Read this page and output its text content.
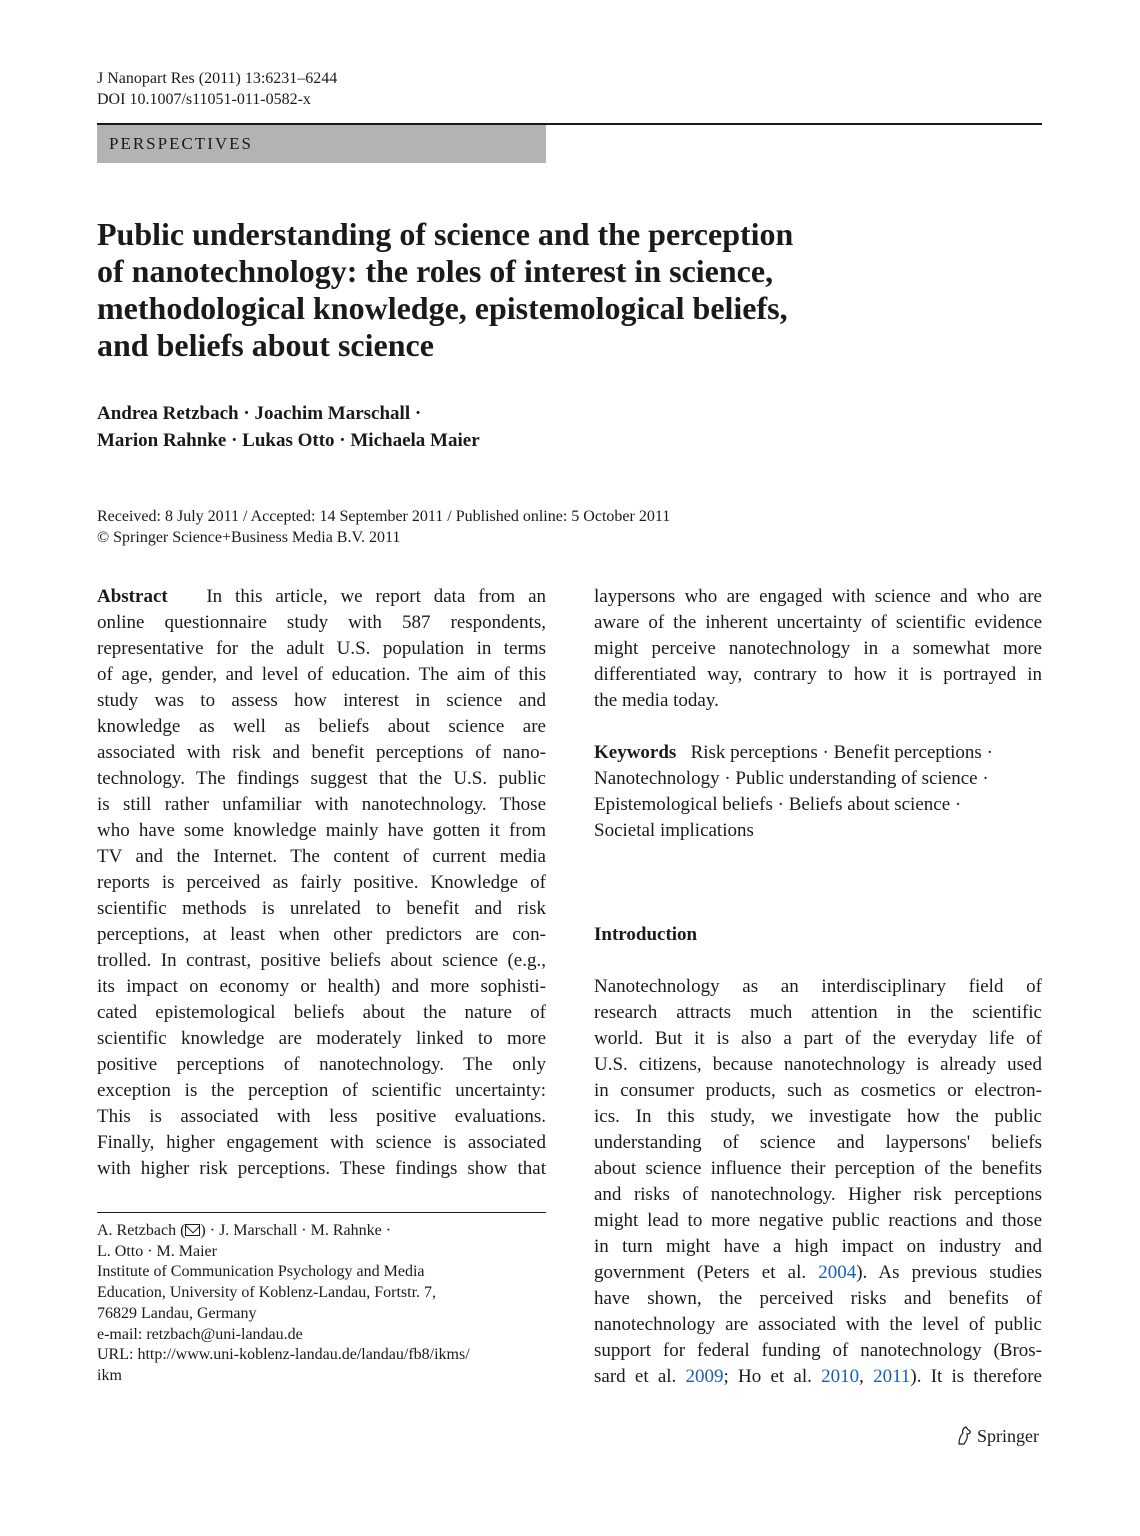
J Nanopart Res (2011) 13:6231–6244
DOI 10.1007/s11051-011-0582-x
PERSPECTIVES
Public understanding of science and the perception
of nanotechnology: the roles of interest in science,
methodological knowledge, epistemological beliefs,
and beliefs about science
Andrea Retzbach · Joachim Marschall ·
Marion Rahnke · Lukas Otto · Michaela Maier
Received: 8 July 2011 / Accepted: 14 September 2011 / Published online: 5 October 2011
© Springer Science+Business Media B.V. 2011
Abstract In this article, we report data from an
online questionnaire study with 587 respondents,
representative for the adult U.S. population in terms
of age, gender, and level of education. The aim of this
study was to assess how interest in science and
knowledge as well as beliefs about science are
associated with risk and benefit perceptions of nano-
technology. The findings suggest that the U.S. public
is still rather unfamiliar with nanotechnology. Those
who have some knowledge mainly have gotten it from
TV and the Internet. The content of current media
reports is perceived as fairly positive. Knowledge of
scientific methods is unrelated to benefit and risk
perceptions, at least when other predictors are con-
trolled. In contrast, positive beliefs about science (e.g.,
its impact on economy or health) and more sophisti-
cated epistemological beliefs about the nature of
scientific knowledge are moderately linked to more
positive perceptions of nanotechnology. The only
exception is the perception of scientific uncertainty:
This is associated with less positive evaluations.
Finally, higher engagement with science is associated
with higher risk perceptions. These findings show that
laypersons who are engaged with science and who are
aware of the inherent uncertainty of scientific evidence
might perceive nanotechnology in a somewhat more
differentiated way, contrary to how it is portrayed in
the media today.
Keywords Risk perceptions · Benefit perceptions ·
Nanotechnology · Public understanding of science ·
Epistemological beliefs · Beliefs about science ·
Societal implications
Introduction
Nanotechnology as an interdisciplinary field of
research attracts much attention in the scientific
world. But it is also a part of the everyday life of
U.S. citizens, because nanotechnology is already used
in consumer products, such as cosmetics or electron-
ics. In this study, we investigate how the public
understanding of science and laypersons' beliefs
about science influence their perception of the benefits
and risks of nanotechnology. Higher risk perceptions
might lead to more negative public reactions and those
in turn might have a high impact on industry and
government (Peters et al. 2004). As previous studies
have shown, the perceived risks and benefits of
nanotechnology are associated with the level of public
support for federal funding of nanotechnology (Bros-
sard et al. 2009; Ho et al. 2010, 2011). It is therefore
A. Retzbach ( ) · J. Marschall · M. Rahnke ·
L. Otto · M. Maier
Institute of Communication Psychology and Media
Education, University of Koblenz-Landau, Fortstr. 7,
76829 Landau, Germany
e-mail: retzbach@uni-landau.de
URL: http://www.uni-koblenz-landau.de/landau/fb8/ikms/
ikm
Springer
